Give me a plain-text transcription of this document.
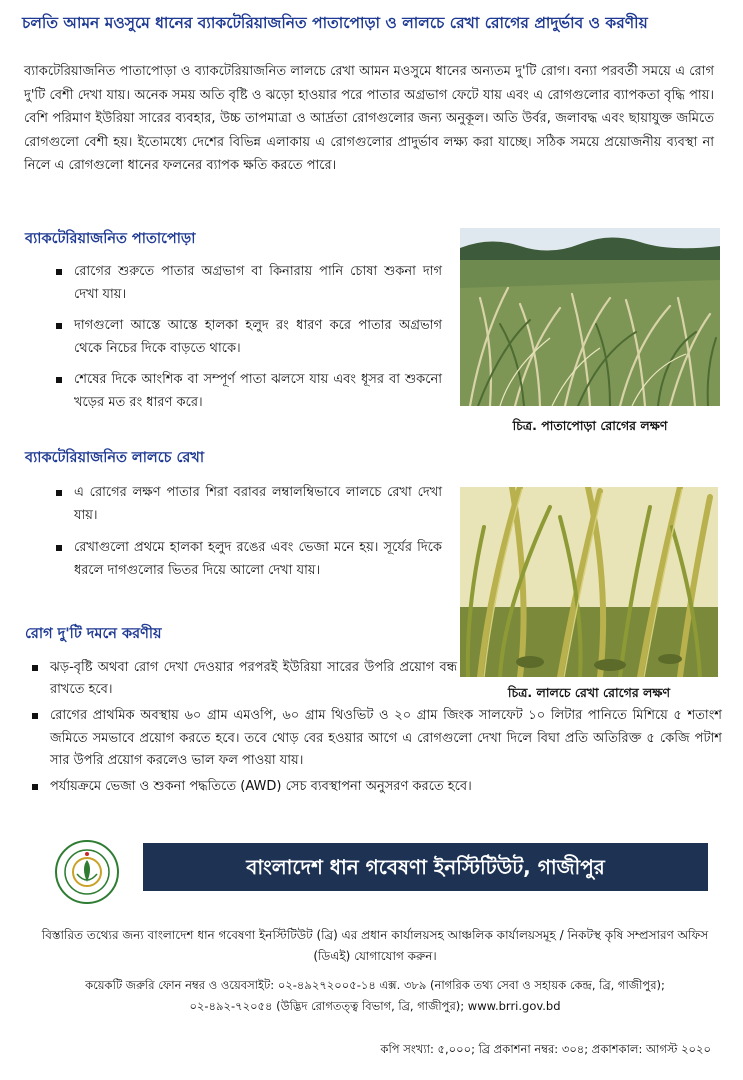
চলতি আমন মওসুমে ধানের ব্যাকটেরিয়াজনিত পাতাপোড়া ও লালচে রেখা রোগের প্রাদুর্ভাব ও করণীয়

ব্যাকটেরিয়াজনিত পাতাপোড়া ও ব্যাকটেরিয়াজনিত লালচে রেখা আমন মওসুমে ধানের অন্যতম দু'টি রোগ। বন্যা পরবর্তী সময়ে এ রোগ দু'টি বেশী দেখা যায়। অনেক সময় অতি বৃষ্টি ও ঝড়ো হাওয়ার পরে পাতার অগ্রভাগ ফেটে যায় এবং এ রোগগুলোর ব্যাপকতা বৃদ্ধি পায়। বেশি পরিমাণ ইউরিয়া সারের ব্যবহার, উচ্চ তাপমাত্রা ও আর্দ্রতা রোগগুলোর জন্য অনুকূল। অতি উর্বর, জলাবদ্ধ এবং ছায়াযুক্ত জমিতে রোগগুলো বেশী হয়। ইতোমধ্যে দেশের বিভিন্ন এলাকায় এ রোগগুলোর প্রাদুর্ভাব লক্ষ্য করা যাচ্ছে। সঠিক সময়ে প্রয়োজনীয় ব্যবস্থা না নিলে এ রোগগুলো ধানের ফলনের ব্যাপক ক্ষতি করতে পারে।

ব্যাকটেরিয়াজনিত পাতাপোড়া
রোগের শুরুতে পাতার অগ্রভাগ বা কিনারায় পানি চোষা শুকনা দাগ দেখা যায়।
দাগগুলো আস্তে আস্তে হালকা হলুদ রং ধারণ করে পাতার অগ্রভাগ থেকে নিচের দিকে বাড়তে থাকে।
শেষের দিকে আংশিক বা সম্পূর্ণ পাতা ঝলসে যায় এবং ধূসর বা শুকনো খড়ের মত রং ধারণ করে।

চিত্র. পাতাপোড়া রোগের লক্ষণ

ব্যাকটেরিয়াজনিত লালচে রেখা
এ রোগের লক্ষণ পাতার শিরা বরাবর লম্বালম্বিভাবে লালচে রেখা দেখা যায়।
রেখাগুলো প্রথমে হালকা হলুদ রঙের এবং ভেজা মনে হয়। সূর্যের দিকে ধরলে দাগগুলোর ভিতর দিয়ে আলো দেখা যায়।

চিত্র. লালচে রেখা রোগের লক্ষণ

রোগ দু'টি দমনে করণীয়
ঝড়-বৃষ্টি অথবা রোগ দেখা দেওয়ার পরপরই ইউরিয়া সারের উপরি প্রয়োগ বন্ধ রাখতে হবে।
রোগের প্রাথমিক অবস্থায় ৬০ গ্রাম এমওপি, ৬০ গ্রাম থিওভিট ও ২০ গ্রাম জিংক সালফেট ১০ লিটার পানিতে মিশিয়ে ৫ শতাংশ জমিতে সমভাবে প্রয়োগ করতে হবে। তবে থোড় বের হওয়ার আগে এ রোগগুলো দেখা দিলে বিঘা প্রতি অতিরিক্ত ৫ কেজি পটাশ সার উপরি প্রয়োগ করলেও ভাল ফল পাওয়া যায়।
পর্যায়ক্রমে ভেজা ও শুকনা পদ্ধতিতে (AWD) সেচ ব্যবস্থাপনা অনুসরণ করতে হবে।
বাংলাদেশ ধান গবেষণা ইনস্টিটিউট, গাজীপুর

বিস্তারিত তথ্যের জন্য বাংলাদেশ ধান গবেষণা ইনস্টিটিউট (ব্রি) এর প্রধান কার্যালয়সহ আঞ্চলিক কার্যালয়সমূহ / নিকটস্থ কৃষি সম্প্রসারণ অফিস (ডিএই) যোগাযোগ করুন।

কয়েকটি জরুরি ফোন নম্বর ও ওয়েবসাইট: ০২-৪৯২৭২০০৫-১৪ এক্স. ৩৮৯ (নাগরিক তথ্য সেবা ও সহায়ক কেন্দ্র, ব্রি, গাজীপুর);
০২-৪৯২-৭২০৫৪ (উদ্ভিদ রোগতত্ত্ব বিভাগ, ব্রি, গাজীপুর); www.brri.gov.bd

কপি সংখ্যা: ৫,০০০; ব্রি প্রকাশনা নম্বর: ৩০৪; প্রকাশকাল: আগস্ট ২০২০
